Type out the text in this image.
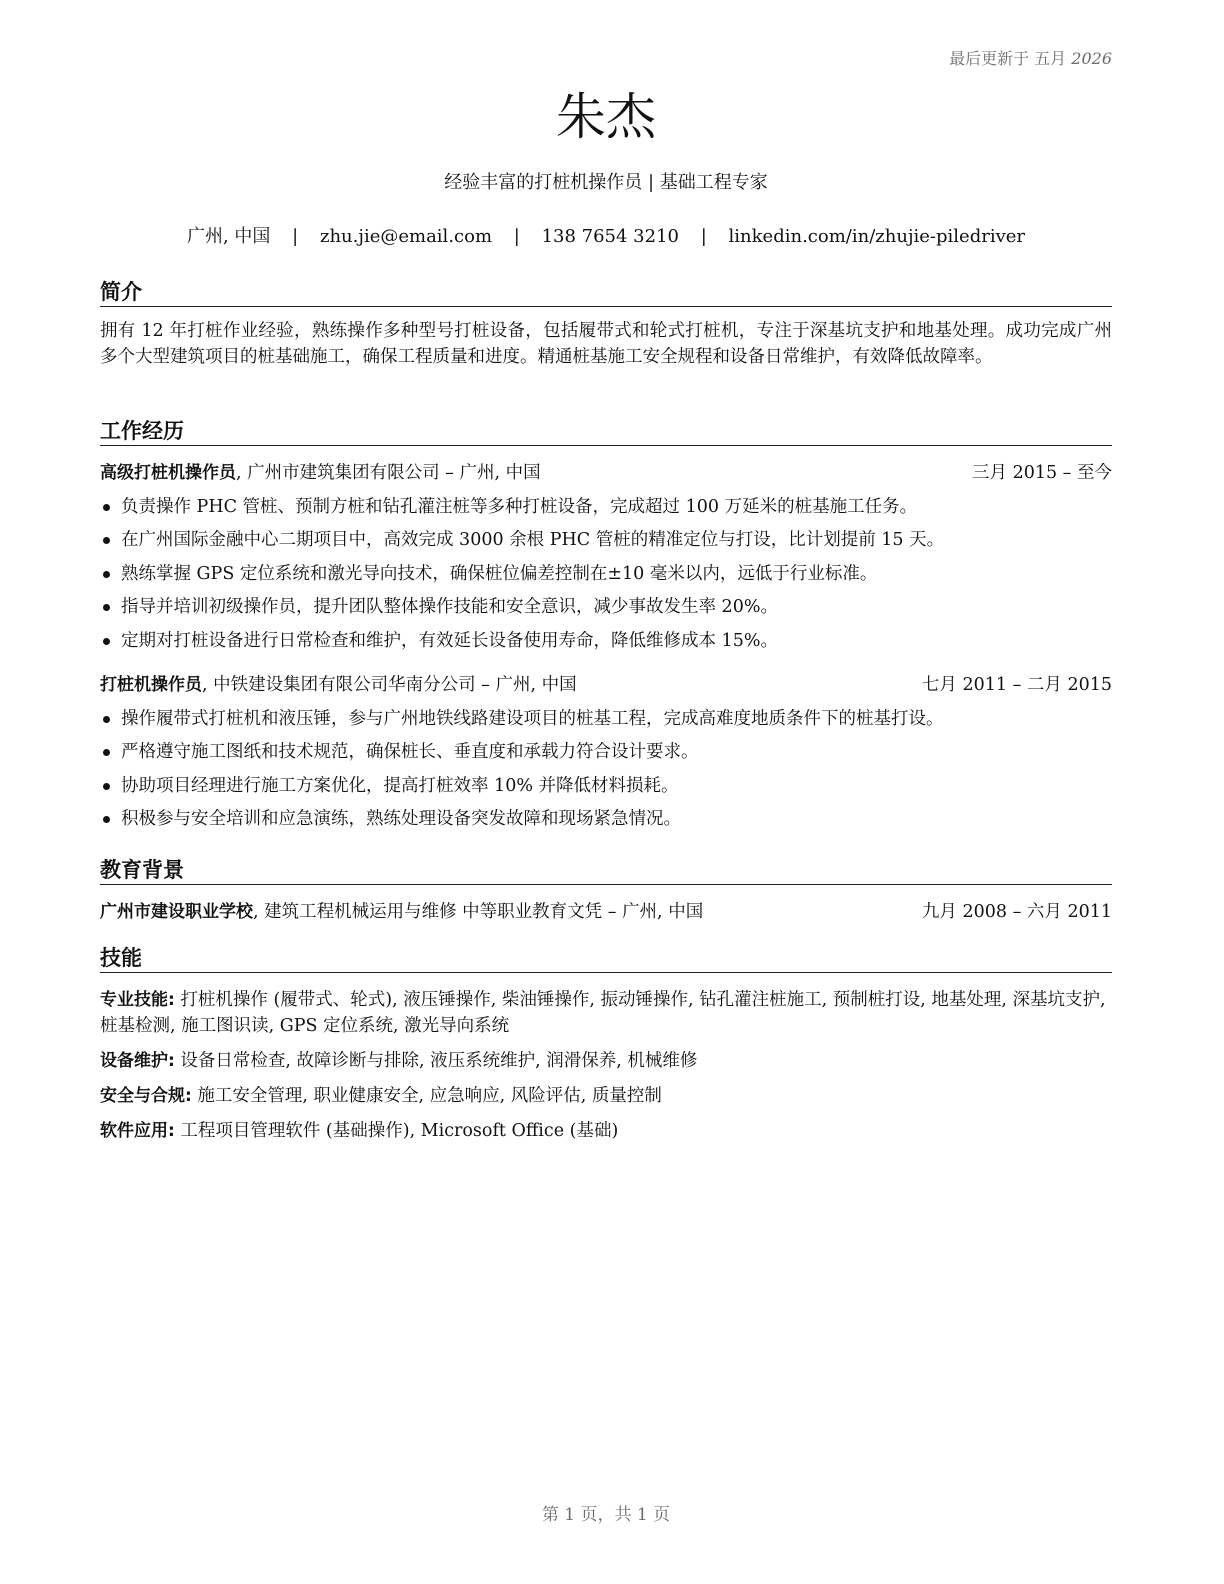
最后更新于 五月 2026
朱杰
经验丰富的打桩机操作员 | 基础工程专家
广州, 中国 | zhu.jie@email.com | 138 7654 3210 | linkedin.com/in/zhujie-piledriver
简介

拥有 12 年打桩作业经验，熟练操作多种型号打桩设备，包括履带式和轮式打桩机，专注于深基坑支护和地基处理。成功完成广州多个大型建筑项目的桩基础施工，确保工程质量和进度。精通桩基施工安全规程和设备日常维护，有效降低故障率。

工作经历
高级打桩机操作员, 广州市建筑集团有限公司 – 广州, 中国	三月 2015 – 至今
负责操作 PHC 管桩、预制方桩和钻孔灌注桩等多种打桩设备，完成超过 100 万延米的桩基施工任务。
在广州国际金融中心二期项目中，高效完成 3000 余根 PHC 管桩的精准定位与打设，比计划提前 15 天。
熟练掌握 GPS 定位系统和激光导向技术，确保桩位偏差控制在±10 毫米以内，远低于行业标准。
指导并培训初级操作员，提升团队整体操作技能和安全意识，减少事故发生率 20%。
定期对打桩设备进行日常检查和维护，有效延长设备使用寿命，降低维修成本 15%。
打桩机操作员, 中铁建设集团有限公司华南分公司 – 广州, 中国	七月 2011 – 二月 2015
操作履带式打桩机和液压锤，参与广州地铁线路建设项目的桩基工程，完成高难度地质条件下的桩基打设。
严格遵守施工图纸和技术规范，确保桩长、垂直度和承载力符合设计要求。
协助项目经理进行施工方案优化，提高打桩效率 10% 并降低材料损耗。
积极参与安全培训和应急演练，熟练处理设备突发故障和现场紧急情况。
教育背景
广州市建设职业学校, 建筑工程机械运用与维修 中等职业教育文凭 – 广州, 中国	九月 2008 – 六月 2011
技能
专业技能: 打桩机操作 (履带式、轮式), 液压锤操作, 柴油锤操作, 振动锤操作, 钻孔灌注桩施工, 预制桩打设, 地基处理, 深基坑支护, 桩基检测, 施工图识读, GPS 定位系统, 激光导向系统
设备维护: 设备日常检查, 故障诊断与排除, 液压系统维护, 润滑保养, 机械维修
安全与合规: 施工安全管理, 职业健康安全, 应急响应, 风险评估, 质量控制
软件应用: 工程项目管理软件 (基础操作), Microsoft Office (基础)
第 1 页，共 1 页
